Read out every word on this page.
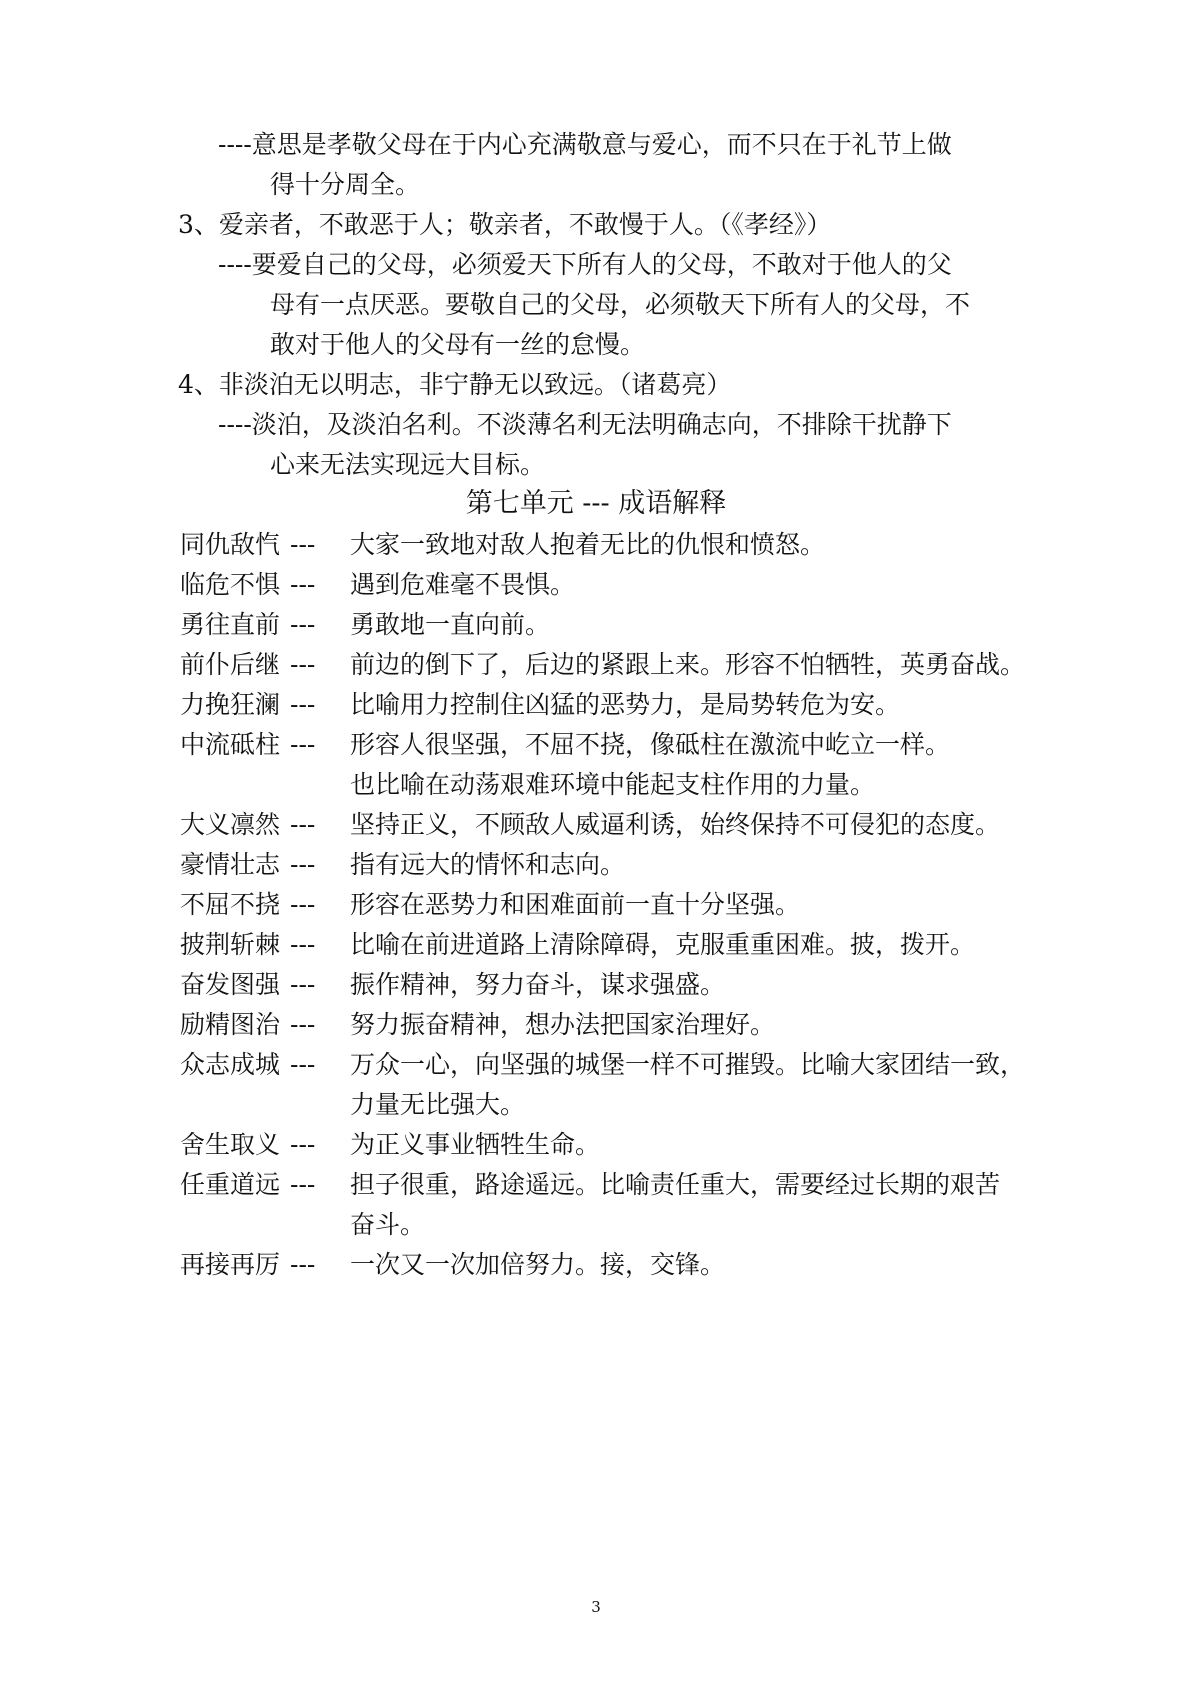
----意思是孝敬父母在于内心充满敬意与爱心，而不只在于礼节上做
得十分周全。
3、爱亲者，不敢恶于人；敬亲者，不敢慢于人。（《孝经》）
----要爱自己的父母，必须爱天下所有人的父母，不敢对于他人的父
母有一点厌恶。要敬自己的父母，必须敬天下所有人的父母，不
敢对于他人的父母有一丝的怠慢。
4、非淡泊无以明志，非宁静无以致远。（诸葛亮）
----淡泊，及淡泊名利。不淡薄名利无法明确志向，不排除干扰静下
心来无法实现远大目标。
第七单元 --- 成语解释
同仇敌忾 --- 大家一致地对敌人抱着无比的仇恨和愤怒。
临危不惧 --- 遇到危难毫不畏惧。
勇往直前 --- 勇敢地一直向前。
前仆后继 --- 前边的倒下了，后边的紧跟上来。形容不怕牺牲，英勇奋战。
力挽狂澜 --- 比喻用力控制住凶猛的恶势力，是局势转危为安。
中流砥柱 --- 形容人很坚强，不屈不挠，像砥柱在激流中屹立一样。
也比喻在动荡艰难环境中能起支柱作用的力量。
大义凛然 --- 坚持正义，不顾敌人威逼利诱，始终保持不可侵犯的态度。
豪情壮志 --- 指有远大的情怀和志向。
不屈不挠 --- 形容在恶势力和困难面前一直十分坚强。
披荆斩棘 --- 比喻在前进道路上清除障碍，克服重重困难。披，拨开。
奋发图强 --- 振作精神，努力奋斗，谋求强盛。
励精图治 --- 努力振奋精神，想办法把国家治理好。
众志成城 --- 万众一心，向坚强的城堡一样不可摧毁。比喻大家团结一致，
力量无比强大。
舍生取义 --- 为正义事业牺牲生命。
任重道远 --- 担子很重，路途遥远。比喻责任重大，需要经过长期的艰苦
奋斗。
再接再厉 --- 一次又一次加倍努力。接，交锋。
3
